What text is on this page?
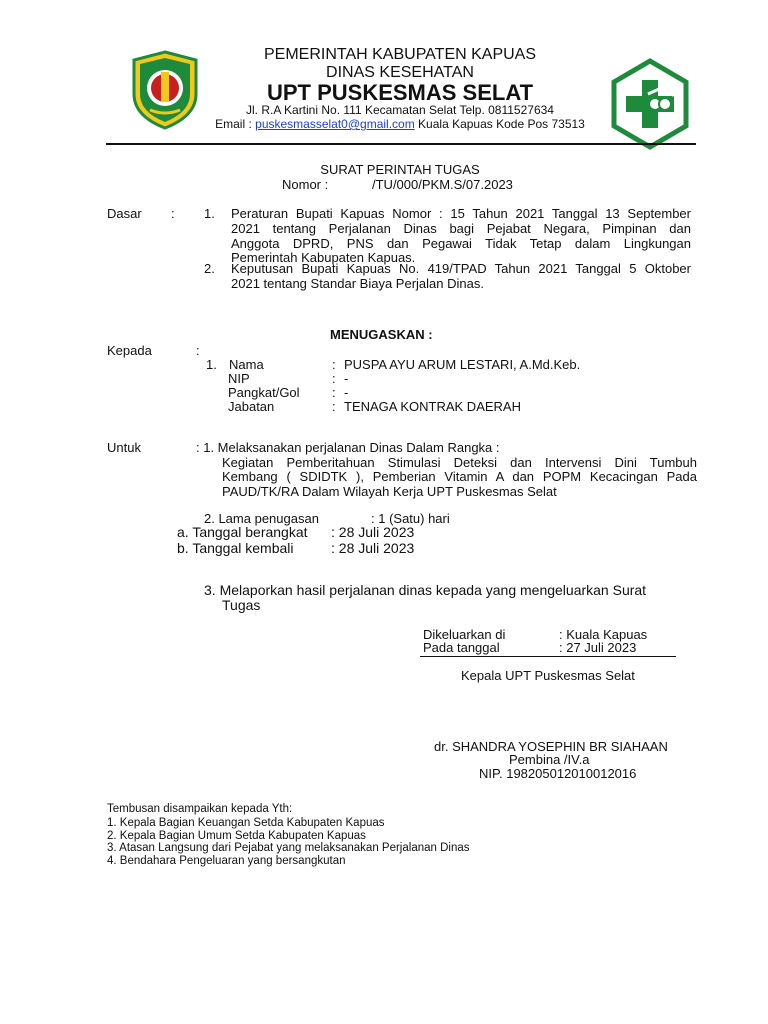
PEMERINTAH KABUPATEN KAPUAS
DINAS KESEHATAN
UPT PUSKESMAS SELAT
Jl. R.A Kartini No. 111 Kecamatan Selat Telp. 0811527634
Email : puskesmasselat0@gmail.com Kuala Kapuas Kode Pos 73513
SURAT PERINTAH TUGAS
Nomor :	/TU/000/PKM.S/07.2023
Dasar : 1. Peraturan Bupati Kapuas Nomor : 15 Tahun 2021 Tanggal 13 September
2021 tentang Perjalanan Dinas bagi Pejabat Negara, Pimpinan dan
Anggota DPRD, PNS dan Pegawai Tidak Tetap dalam Lingkungan
Pemerintah Kabupaten Kapuas.
2. Keputusan Bupati Kapuas No. 419/TPAD Tahun 2021 Tanggal 5 Oktober
2021 tentang Standar Biaya Perjalan Dinas.
MENUGASKAN :
Kepada	:
1. Nama	: PUSPA AYU ARUM LESTARI, A.Md.Keb.
NIP	: -
Pangkat/Gol : -
Jabatan	: TENAGA KONTRAK DAERAH
Untuk	: 1. Melaksanakan perjalanan Dinas Dalam Rangka :
Kegiatan Pemberitahuan Stimulasi Deteksi dan Intervensi Dini Tumbuh
Kembang ( SDIDTK ), Pemberian Vitamin A dan POPM Kecacingan Pada
PAUD/TK/RA Dalam Wilayah Kerja UPT Puskesmas Selat
2. Lama penugasan	: 1 (Satu) hari
a. Tanggal berangkat : 28 Juli 2023
b. Tanggal kembali	: 28 Juli 2023
3. Melaporkan hasil perjalanan dinas kepada yang mengeluarkan Surat
Tugas
Dikeluarkan di	: Kuala Kapuas
Pada tanggal	: 27 Juli 2023
Kepala UPT Puskesmas Selat
dr. SHANDRA YOSEPHIN BR SIAHAAN
Pembina /IV.a
NIP. 198205012010012016
Tembusan disampaikan kepada Yth:
1. Kepala Bagian Keuangan Setda Kabupaten Kapuas
2. Kepala Bagian Umum Setda Kabupaten Kapuas
3. Atasan Langsung dari Pejabat yang melaksanakan Perjalanan Dinas
4. Bendahara Pengeluaran yang bersangkutan
